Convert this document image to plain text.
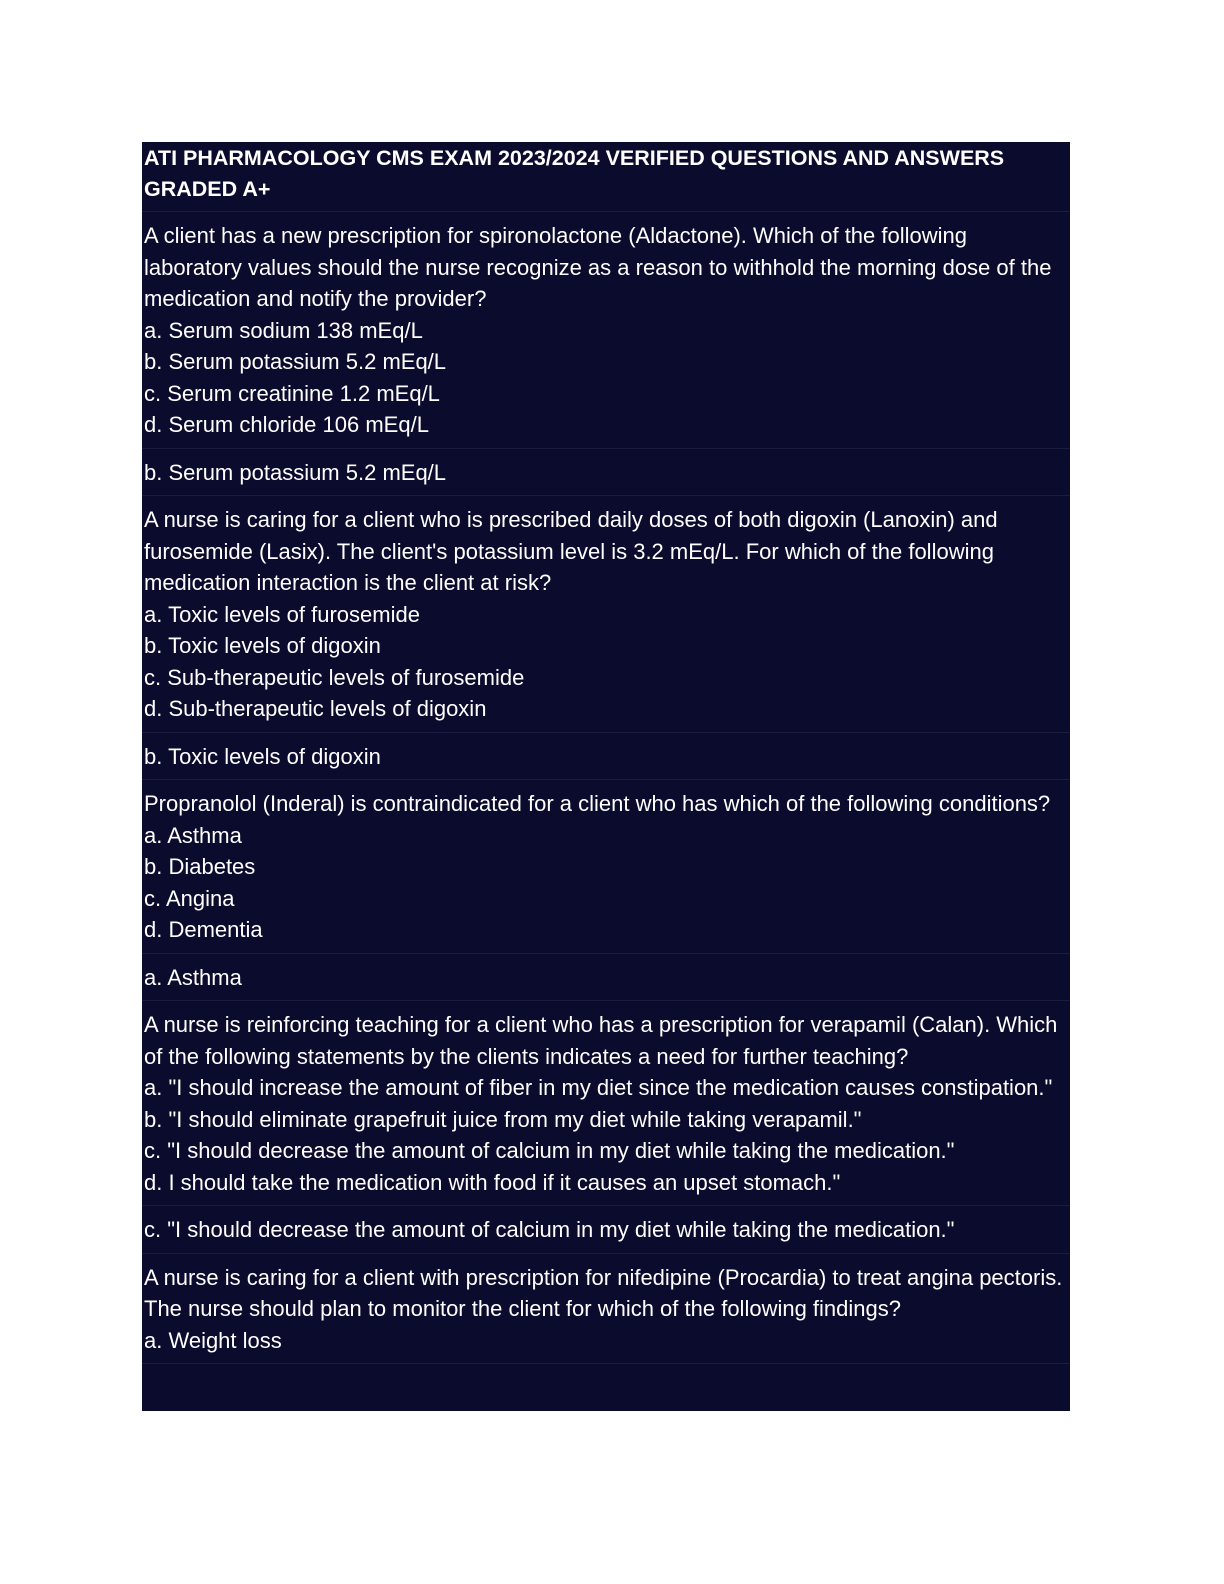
ATI PHARMACOLOGY CMS EXAM 2023/2024 VERIFIED QUESTIONS AND ANSWERS GRADED A+
A client has a new prescription for spironolactone (Aldactone). Which of the following laboratory values should the nurse recognize as a reason to withhold the morning dose of the medication and notify the provider?
a. Serum sodium 138 mEq/L
b. Serum potassium 5.2 mEq/L
c. Serum creatinine 1.2 mEq/L
d. Serum chloride 106 mEq/L
b. Serum potassium 5.2 mEq/L
A nurse is caring for a client who is prescribed daily doses of both digoxin (Lanoxin) and furosemide (Lasix). The client's potassium level is 3.2 mEq/L. For which of the following medication interaction is the client at risk?
a. Toxic levels of furosemide
b. Toxic levels of digoxin
c. Sub-therapeutic levels of furosemide
d. Sub-therapeutic levels of digoxin
b. Toxic levels of digoxin
Propranolol (Inderal) is contraindicated for a client who has which of the following conditions?
a. Asthma
b. Diabetes
c. Angina
d. Dementia
a. Asthma
A nurse is reinforcing teaching for a client who has a prescription for verapamil (Calan). Which of the following statements by the clients indicates a need for further teaching?
a. "I should increase the amount of fiber in my diet since the medication causes constipation."
b. "I should eliminate grapefruit juice from my diet while taking verapamil."
c. "I should decrease the amount of calcium in my diet while taking the medication."
d. I should take the medication with food if it causes an upset stomach."
c. "I should decrease the amount of calcium in my diet while taking the medication."
A nurse is caring for a client with prescription for nifedipine (Procardia) to treat angina pectoris. The nurse should plan to monitor the client for which of the following findings?
a. Weight loss
